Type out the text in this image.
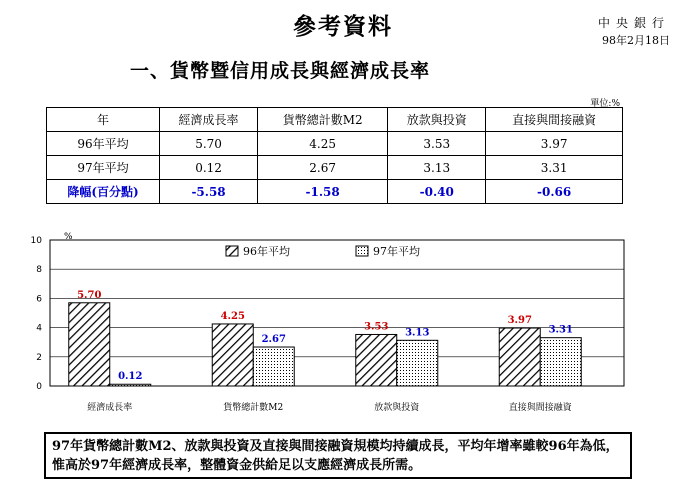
參考資料	中央銀行
98年2月18日
一、貨幣暨信用成長與經濟成長率
單位:%
年	經濟成長率	貨幣總計數M2	放款與投資	直接與間接融資
96年平均	5.70	4.25	3.53	3.97
97年平均	0.12	2.67	3.13	3.31
降幅(百分點)	-5.58	-1.58	-0.40	-0.66
0
2
4
6
8
10 %
5.70
0.12
經濟成長率
4.25
2.67
貨幣總計數M2
3.53
3.13
放款與投資
3.97
3.31
直接與間接融資
96年平均	97年平均
97年貨幣總計數M2、放款與投資及直接與間接融資規模均持續成長，平均年增率雖較96年為低，惟高於97年經濟成長率，整體資金供給足以支應經濟成長所需。
